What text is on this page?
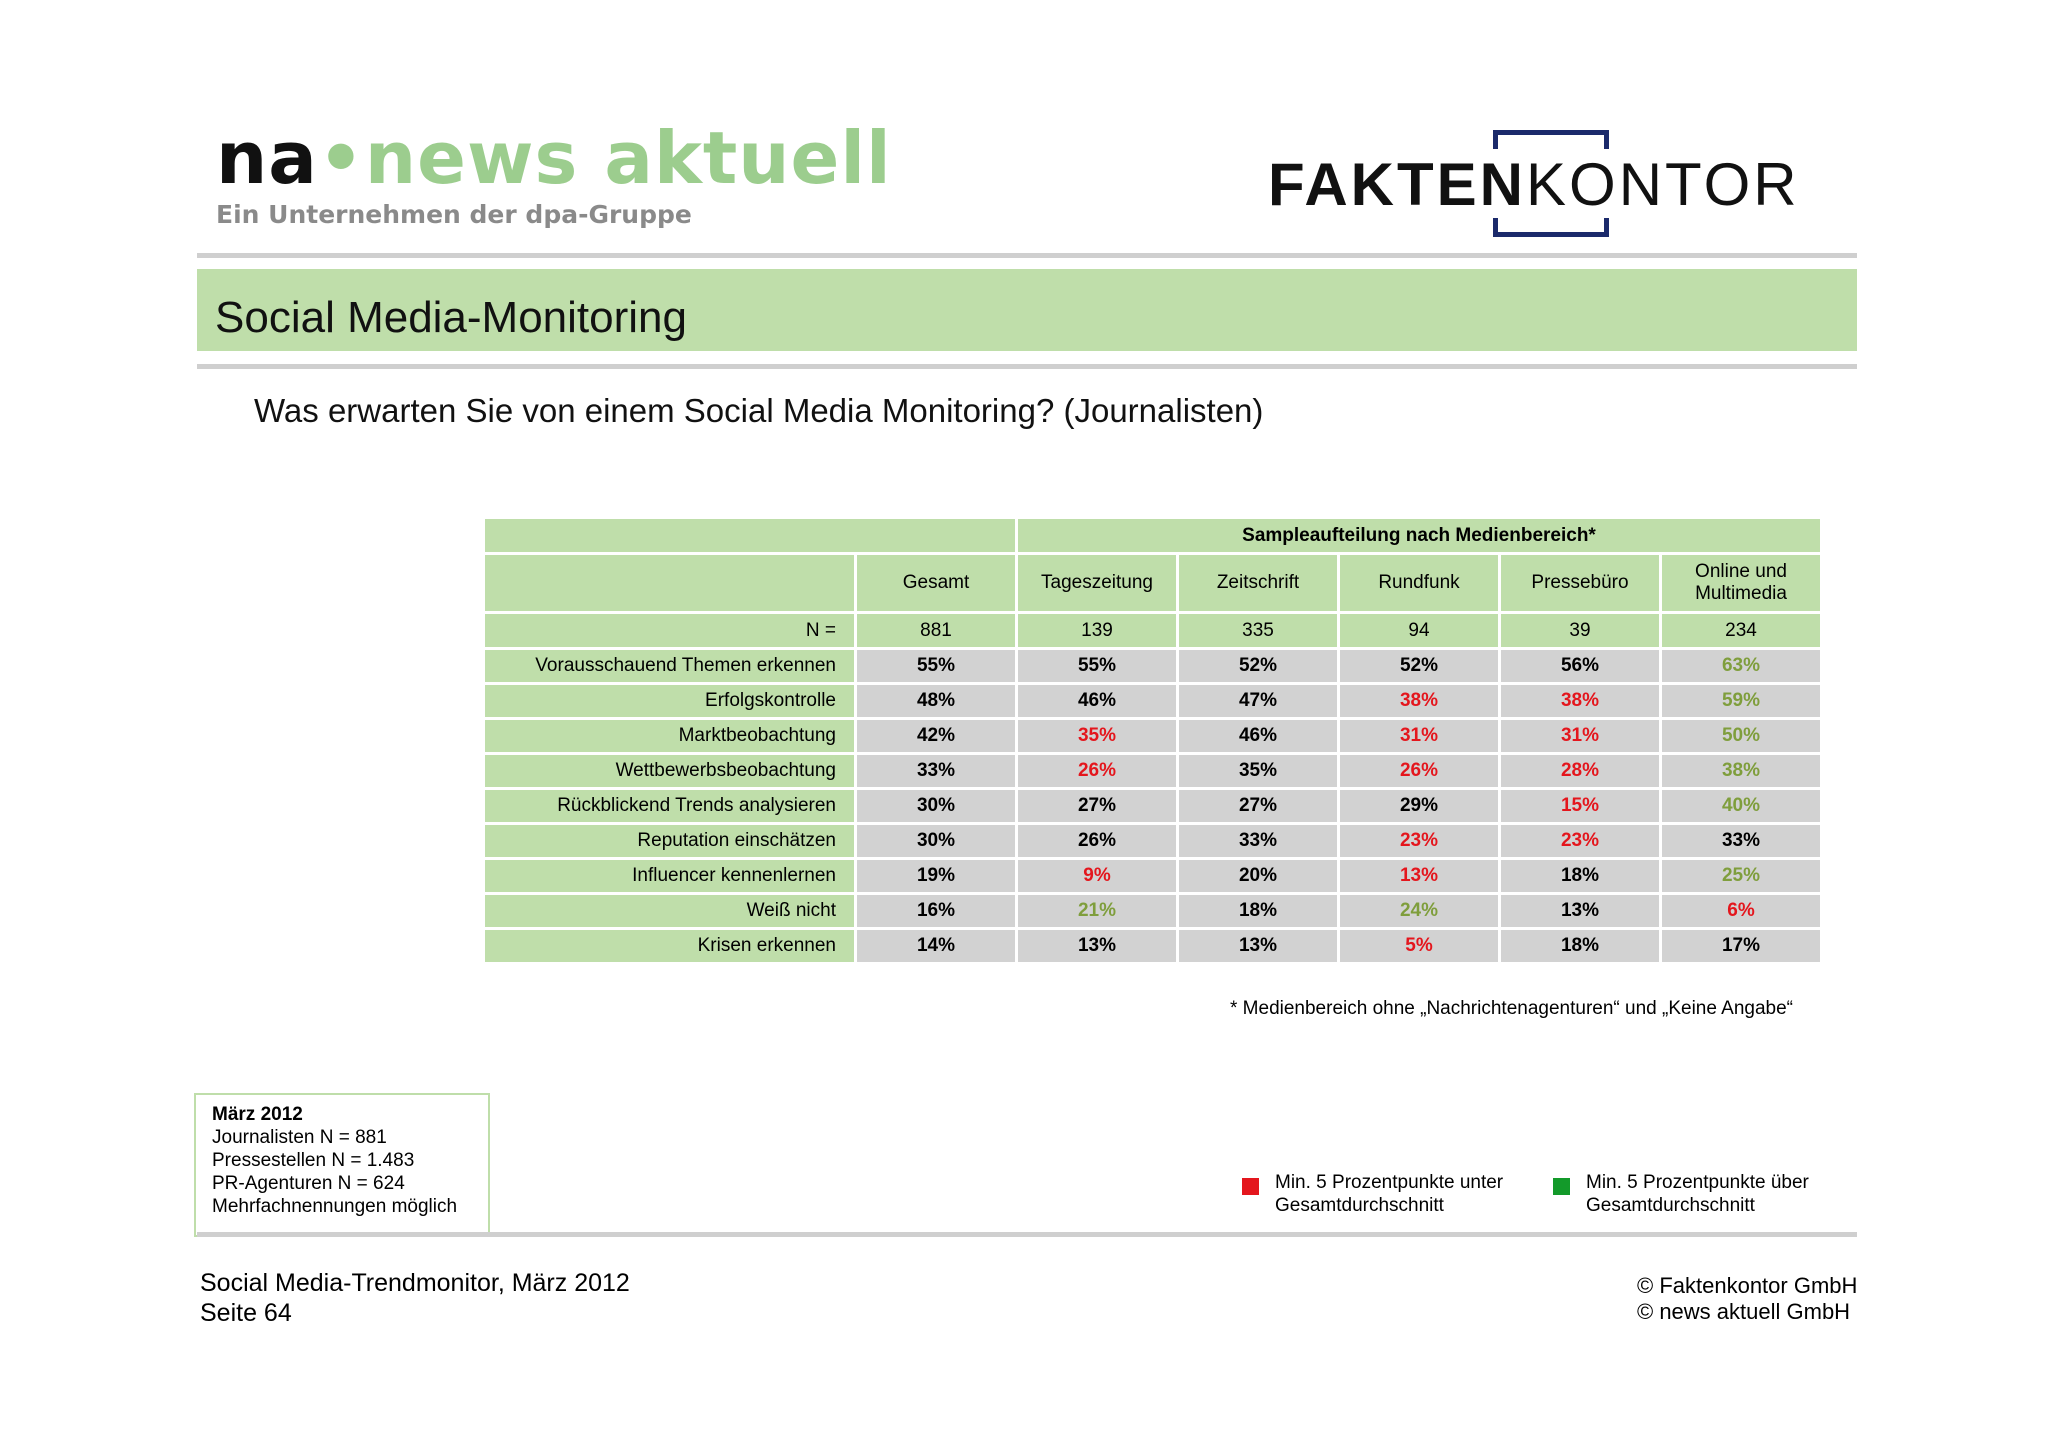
na•news aktuell
Ein Unternehmen der dpa-Gruppe	FAKTENKONTOR
Social Media-Monitoring
Was erwarten Sie von einem Social Media Monitoring? (Journalisten)
		Sampleaufteilung nach Medienbereich*				
	Gesamt	Tageszeitung	Zeitschrift	Rundfunk	Pressebüro	Online und Multimedia
N =	881	139	335	94	39	234
Vorausschauend Themen erkennen	55%	55%	52%	52%	56%	63%
Erfolgskontrolle	48%	46%	47%	38%	38%	59%
Marktbeobachtung	42%	35%	46%	31%	31%	50%
Wettbewerbsbeobachtung	33%	26%	35%	26%	28%	38%
Rückblickend Trends analysieren	30%	27%	27%	29%	15%	40%
Reputation einschätzen	30%	26%	33%	23%	23%	33%
Influencer kennenlernen	19%	9%	20%	13%	18%	25%
Weiß nicht	16%	21%	18%	24%	13%	6%
Krisen erkennen	14%	13%	13%	5%	18%	17%
* Medienbereich ohne „Nachrichtenagenturen“ und „Keine Angabe“
März 2012
Journalisten N = 881
Pressestellen N = 1.483
PR-Agenturen N = 624
Mehrfachnennungen möglich
Min. 5 Prozentpunkte unter
Gesamtdurchschnitt
Min. 5 Prozentpunkte über
Gesamtdurchschnitt
Social Media-Trendmonitor, März 2012
Seite 64
© Faktenkontor GmbH
© news aktuell GmbH
